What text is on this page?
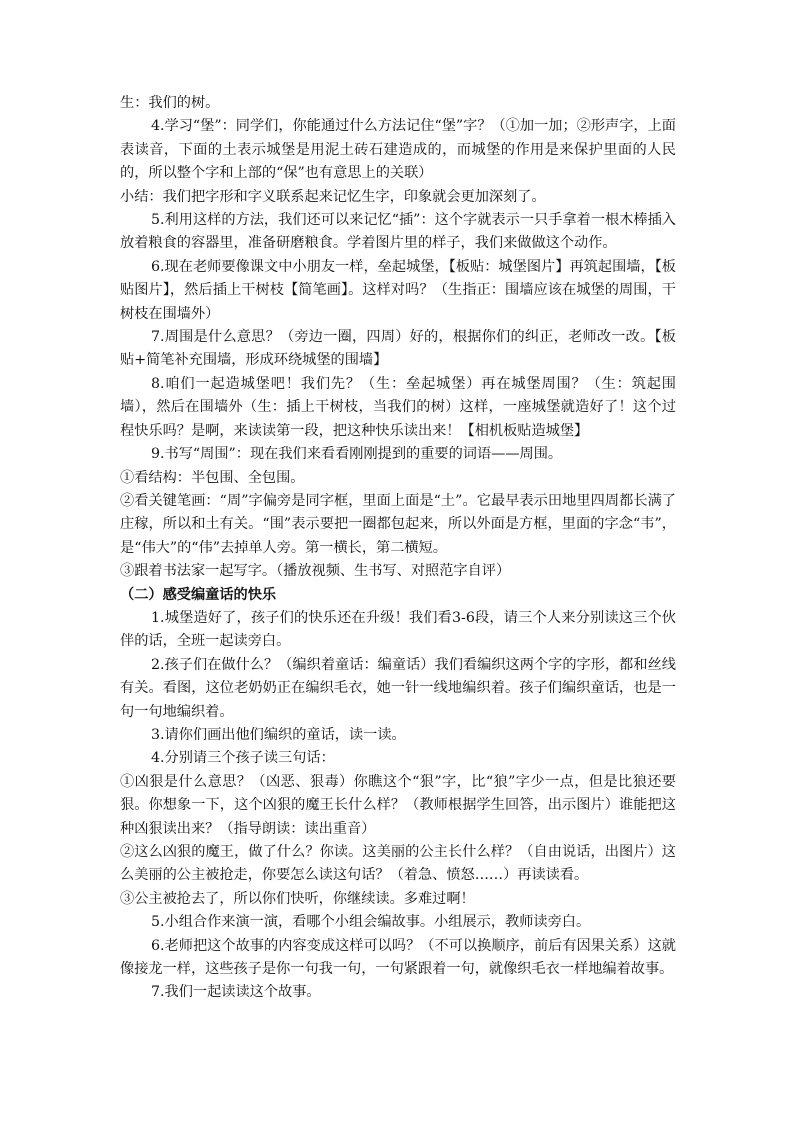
生：我们的树。

4.学习“堡”：同学们，你能通过什么方法记住“堡”字？（①加一加；②形声字，上面表读音，下面的土表示城堡是用泥土砖石建造成的，而城堡的作用是来保护里面的人民的，所以整个字和上部的“保”也有意思上的关联）

小结：我们把字形和字义联系起来记忆生字，印象就会更加深刻了。

5.利用这样的方法，我们还可以来记忆“插”：这个字就表示一只手拿着一根木棒插入放着粮食的容器里，准备研磨粮食。学着图片里的样子，我们来做做这个动作。

6.现在老师要像课文中小朋友一样，垒起城堡，【板贴：城堡图片】再筑起围墙，【板贴图片】，然后插上干树枝【简笔画】。这样对吗？（生指正：围墙应该在城堡的周围，干树枝在围墙外）

7.周围是什么意思？（旁边一圈，四周）好的，根据你们的纠正，老师改一改。【板贴+简笔补充围墙，形成环绕城堡的围墙】

8.咱们一起造城堡吧！我们先？（生：垒起城堡）再在城堡周围？（生：筑起围墙），然后在围墙外（生：插上干树枝，当我们的树）这样，一座城堡就造好了！这个过程快乐吗？是啊，来读读第一段，把这种快乐读出来！【相机板贴造城堡】

9.书写“周围”：现在我们来看看刚刚提到的重要的词语——周围。

①看结构：半包围、全包围。

②看关键笔画：“周”字偏旁是同字框，里面上面是“土”。它最早表示田地里四周都长满了庄稼，所以和土有关。“围”表示要把一圈都包起来，所以外面是方框，里面的字念“韦”，是“伟大”的“伟”去掉单人旁。第一横长，第二横短。

③跟着书法家一起写字。（播放视频、生书写、对照范字自评）

（二）感受编童话的快乐

1.城堡造好了，孩子们的快乐还在升级！我们看3-6段，请三个人来分别读这三个伙伴的话，全班一起读旁白。

2.孩子们在做什么？（编织着童话：编童话）我们看编织这两个字的字形，都和丝线有关。看图，这位老奶奶正在编织毛衣，她一针一线地编织着。孩子们编织童话，也是一句一句地编织着。

3.请你们画出他们编织的童话，读一读。

4.分别请三个孩子读三句话：

①凶狠是什么意思？（凶恶、狠毒）你瞧这个“狠”字，比“狼”字少一点，但是比狼还要狠。你想象一下，这个凶狠的魔王长什么样？（教师根据学生回答，出示图片）谁能把这种凶狠读出来？（指导朗读：读出重音）

②这么凶狠的魔王，做了什么？你读。这美丽的公主长什么样？（自由说话，出图片）这么美丽的公主被抢走，你要怎么读这句话？（着急、愤怒……）再读读看。

③公主被抢去了，所以你们快听，你继续读。多难过啊！

5.小组合作来演一演，看哪个小组会编故事。小组展示，教师读旁白。

6.老师把这个故事的内容变成这样可以吗？（不可以换顺序，前后有因果关系）这就像接龙一样，这些孩子是你一句我一句，一句紧跟着一句，就像织毛衣一样地编着故事。

7.我们一起读读这个故事。
